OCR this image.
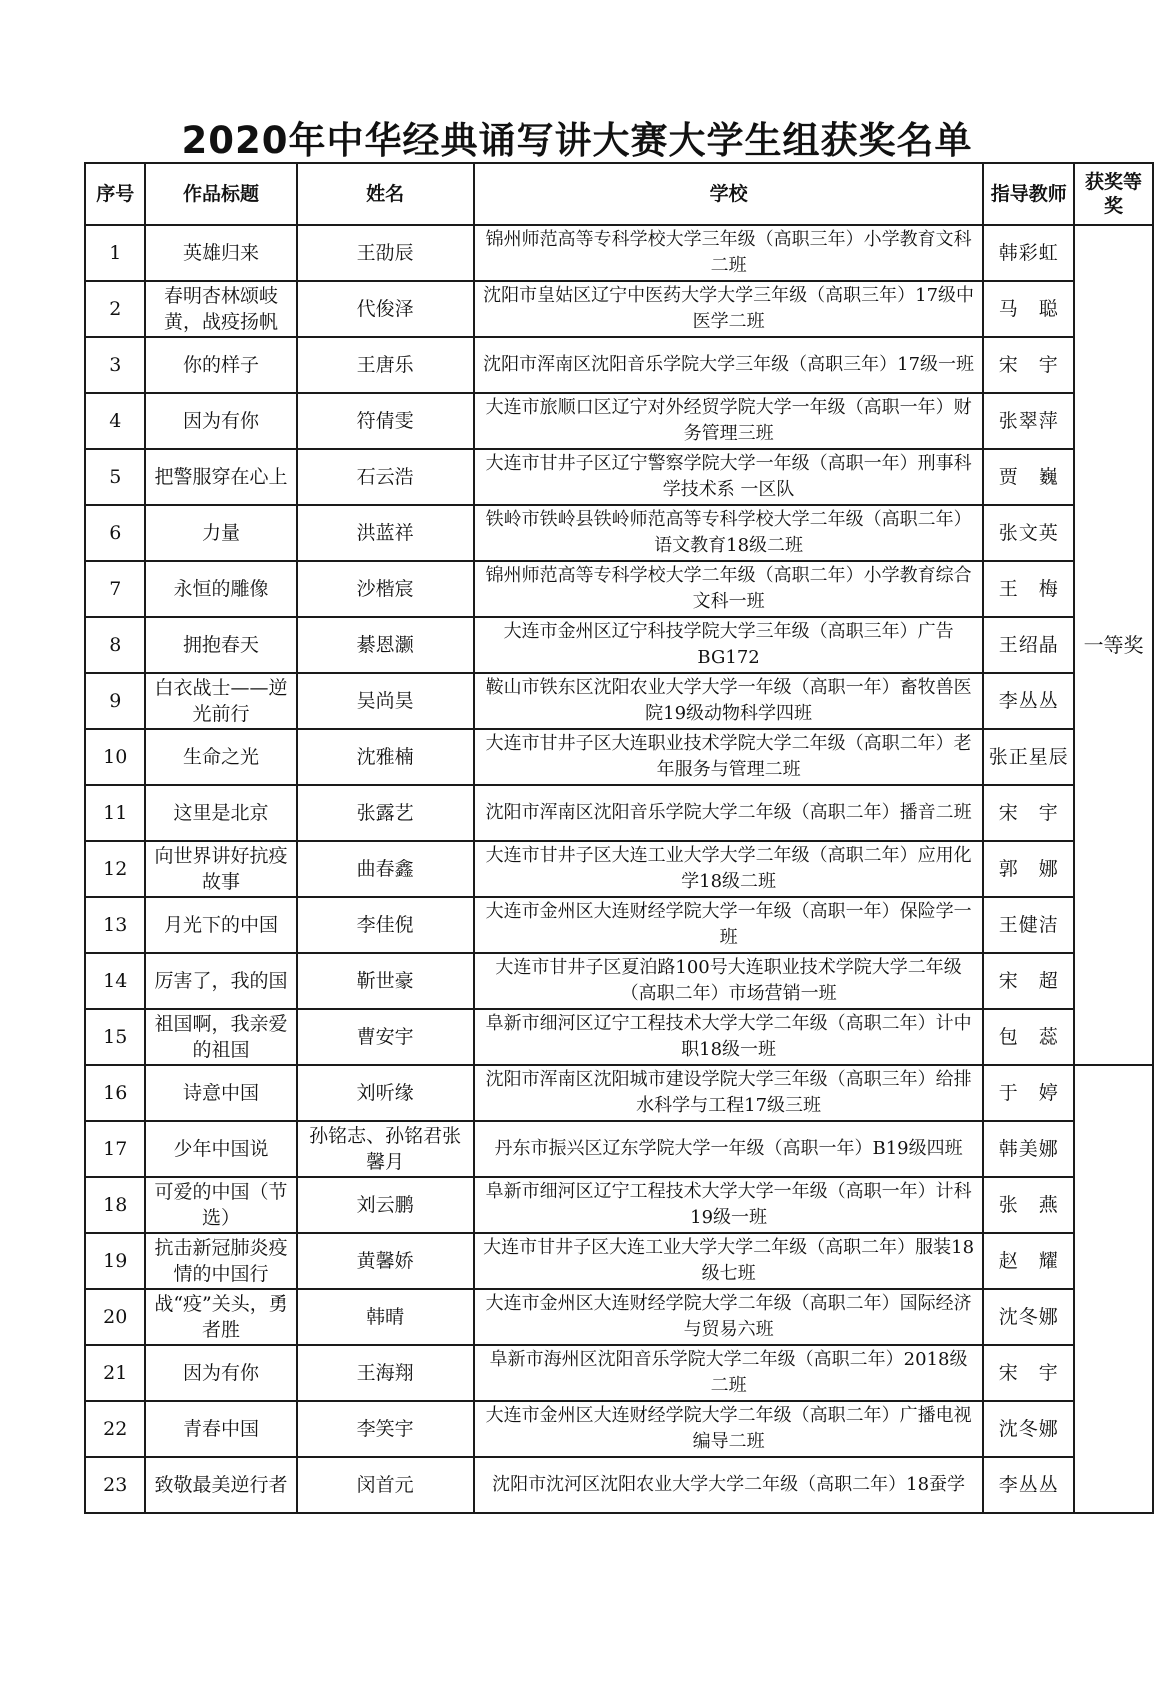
2020年中华经典诵写讲大赛大学生组获奖名单
序号	作品标题	姓名	学校	指导教师	获奖等奖
1	英雄归来	王劭辰	锦州师范高等专科学校大学三年级（高职三年）小学教育文科二班	韩彩虹	一等奖
2	春明杏林颂岐黄，战疫扬帆	代俊泽	沈阳市皇姑区辽宁中医药大学大学三年级（高职三年）17级中医学二班	马　聪	
3	你的样子	王唐乐	沈阳市浑南区沈阳音乐学院大学三年级（高职三年）17级一班	宋　宇	
4	因为有你	符倩雯	大连市旅顺口区辽宁对外经贸学院大学一年级（高职一年）财务管理三班	张翠萍	
5	把警服穿在心上	石云浩	大连市甘井子区辽宁警察学院大学一年级（高职一年）刑事科学技术系 一区队	贾　巍	
6	力量	洪蓝祥	铁岭市铁岭县铁岭师范高等专科学校大学二年级（高职二年）语文教育18级二班	张文英	
7	永恒的雕像	沙楷宸	锦州师范高等专科学校大学二年级（高职二年）小学教育综合文科一班	王　梅	
8	拥抱春天	綦恩灏	大连市金州区辽宁科技学院大学三年级（高职三年）广告BG172	王绍晶	
9	白衣战士——逆光前行	吴尚昊	鞍山市铁东区沈阳农业大学大学一年级（高职一年）畜牧兽医院19级动物科学四班	李丛丛	
10	生命之光	沈雅楠	大连市甘井子区大连职业技术学院大学二年级（高职二年）老年服务与管理二班	张正星辰	
11	这里是北京	张露艺	沈阳市浑南区沈阳音乐学院大学二年级（高职二年）播音二班	宋　宇	
12	向世界讲好抗疫故事	曲春鑫	大连市甘井子区大连工业大学大学二年级（高职二年）应用化学18级二班	郭　娜	
13	月光下的中国	李佳倪	大连市金州区大连财经学院大学一年级（高职一年）保险学一班	王健洁	
14	厉害了，我的国	靳世豪	大连市甘井子区夏泊路100号大连职业技术学院大学二年级（高职二年）市场营销一班	宋　超	
15	祖国啊，我亲爱的祖国	曹安宇	阜新市细河区辽宁工程技术大学大学二年级（高职二年）计中职18级一班	包　蕊	
16	诗意中国	刘听缘	沈阳市浑南区沈阳城市建设学院大学三年级（高职三年）给排水科学与工程17级三班	于　婷	
17	少年中国说	孙铭志、孙铭君张馨月	丹东市振兴区辽东学院大学一年级（高职一年）B19级四班	韩美娜	
18	可爱的中国（节选）	刘云鹏	阜新市细河区辽宁工程技术大学大学一年级（高职一年）计科19级一班	张　燕	
19	抗击新冠肺炎疫情的中国行	黄馨娇	大连市甘井子区大连工业大学大学二年级（高职二年）服装18级七班	赵　耀	
20	战“疫”关头，勇者胜	韩晴	大连市金州区大连财经学院大学二年级（高职二年）国际经济与贸易六班	沈冬娜	
21	因为有你	王海翔	阜新市海州区沈阳音乐学院大学二年级（高职二年）2018级二班	宋　宇	
22	青春中国	李笑宇	大连市金州区大连财经学院大学二年级（高职二年）广播电视编导二班	沈冬娜	
23	致敬最美逆行者	闵首元	沈阳市沈河区沈阳农业大学大学二年级（高职二年）18蚕学	李丛丛	
